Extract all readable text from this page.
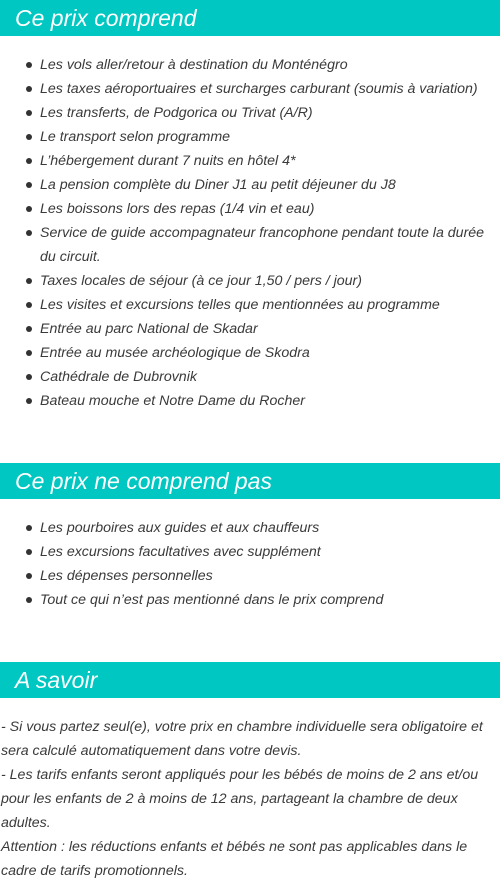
Ce prix comprend
Les vols aller/retour à destination du Monténégro
Les taxes aéroportuaires et surcharges carburant (soumis à variation)
Les transferts, de Podgorica ou Trivat (A/R)
Le transport selon programme
L’hébergement durant 7 nuits en hôtel 4*
La pension complète du Diner J1 au petit déjeuner du J8
Les boissons lors des repas (1/4 vin et eau)
Service de guide accompagnateur francophone pendant toute la durée du circuit.
Taxes locales de séjour (à ce jour 1,50 / pers / jour)
Les visites et excursions telles que mentionnées au programme
Entrée au parc National de Skadar
Entrée au musée archéologique de Skodra
Cathédrale de Dubrovnik
Bateau mouche et Notre Dame du Rocher
Ce prix ne comprend pas
Les pourboires aux guides et aux chauffeurs
Les excursions facultatives avec supplément
Les dépenses personnelles
Tout ce qui n’est pas mentionné dans le prix comprend
A savoir

- Si vous partez seul(e), votre prix en chambre individuelle sera obligatoire et sera calculé automatiquement dans votre devis.

- Les tarifs enfants seront appliqués pour les bébés de moins de 2 ans et/ou pour les enfants de 2 à moins de 12 ans, partageant la chambre de deux adultes.

Attention : les réductions enfants et bébés ne sont pas applicables dans le cadre de tarifs promotionnels.
